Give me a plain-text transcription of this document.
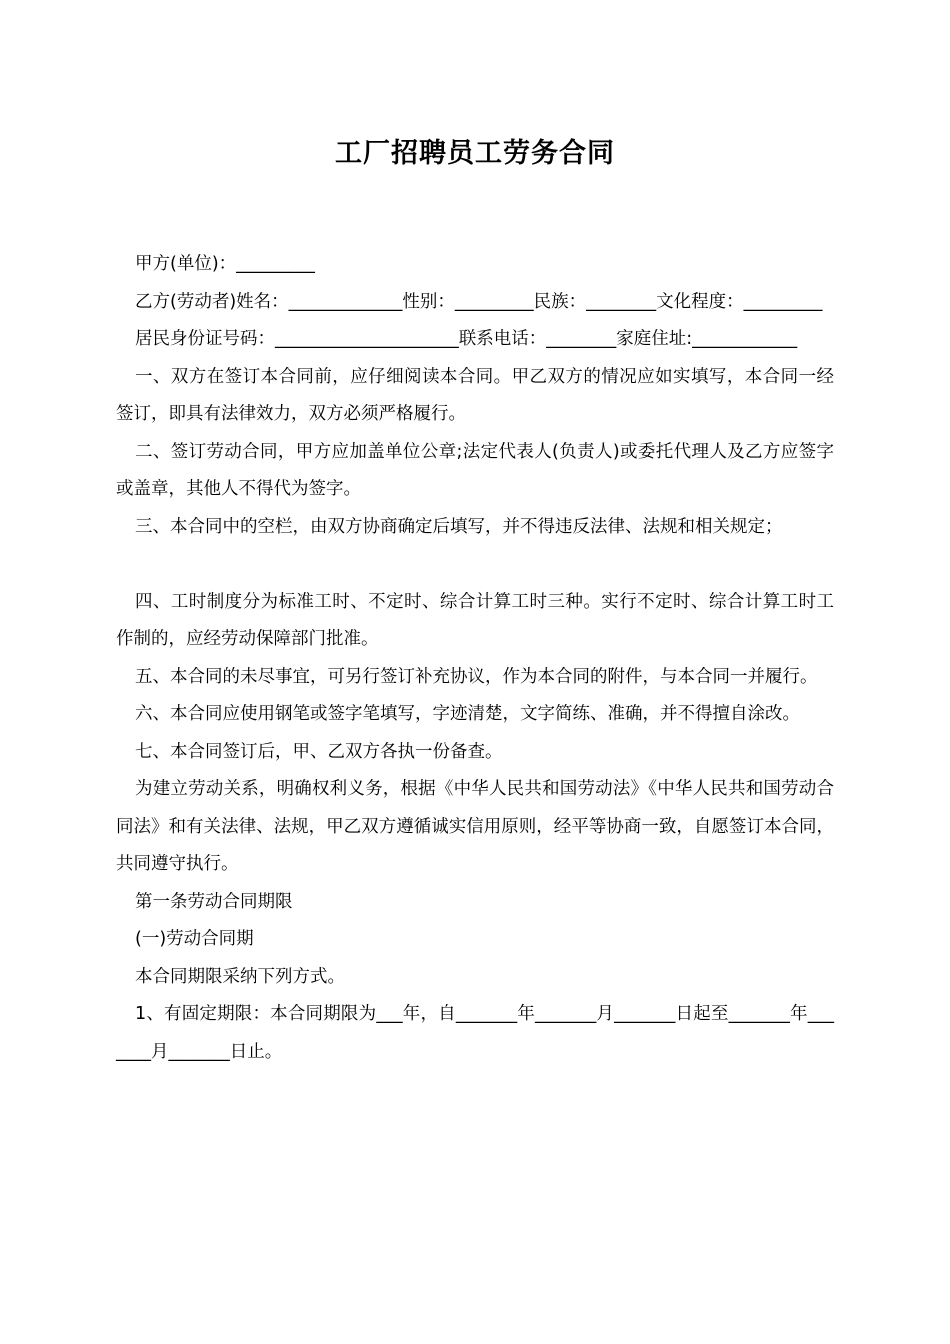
工厂招聘员工劳务合同

甲方(单位)：_________

乙方(劳动者)姓名：_____________性别：_________民族：________文化程度：_________

居民身份证号码：_____________________联系电话：________家庭住址:____________

一、双方在签订本合同前，应仔细阅读本合同。甲乙双方的情况应如实填写，本合同一经签订，即具有法律效力，双方必须严格履行。

二、签订劳动合同，甲方应加盖单位公章;法定代表人(负责人)或委托代理人及乙方应签字或盖章，其他人不得代为签字。

三、本合同中的空栏，由双方协商确定后填写，并不得违反法律、法规和相关规定；

四、工时制度分为标准工时、不定时、综合计算工时三种。实行不定时、综合计算工时工作制的，应经劳动保障部门批准。

五、本合同的未尽事宜，可另行签订补充协议，作为本合同的附件，与本合同一并履行。

六、本合同应使用钢笔或签字笔填写，字迹清楚，文字简练、准确，并不得擅自涂改。

七、本合同签订后，甲、乙双方各执一份备查。

为建立劳动关系，明确权利义务，根据《中华人民共和国劳动法》《中华人民共和国劳动合同法》和有关法律、法规，甲乙双方遵循诚实信用原则，经平等协商一致，自愿签订本合同，共同遵守执行。

第一条劳动合同期限

(一)劳动合同期

本合同期限采纳下列方式。

1、有固定期限：本合同期限为___年，自_______年_______月_______日起至_______年_______月_______日止。
